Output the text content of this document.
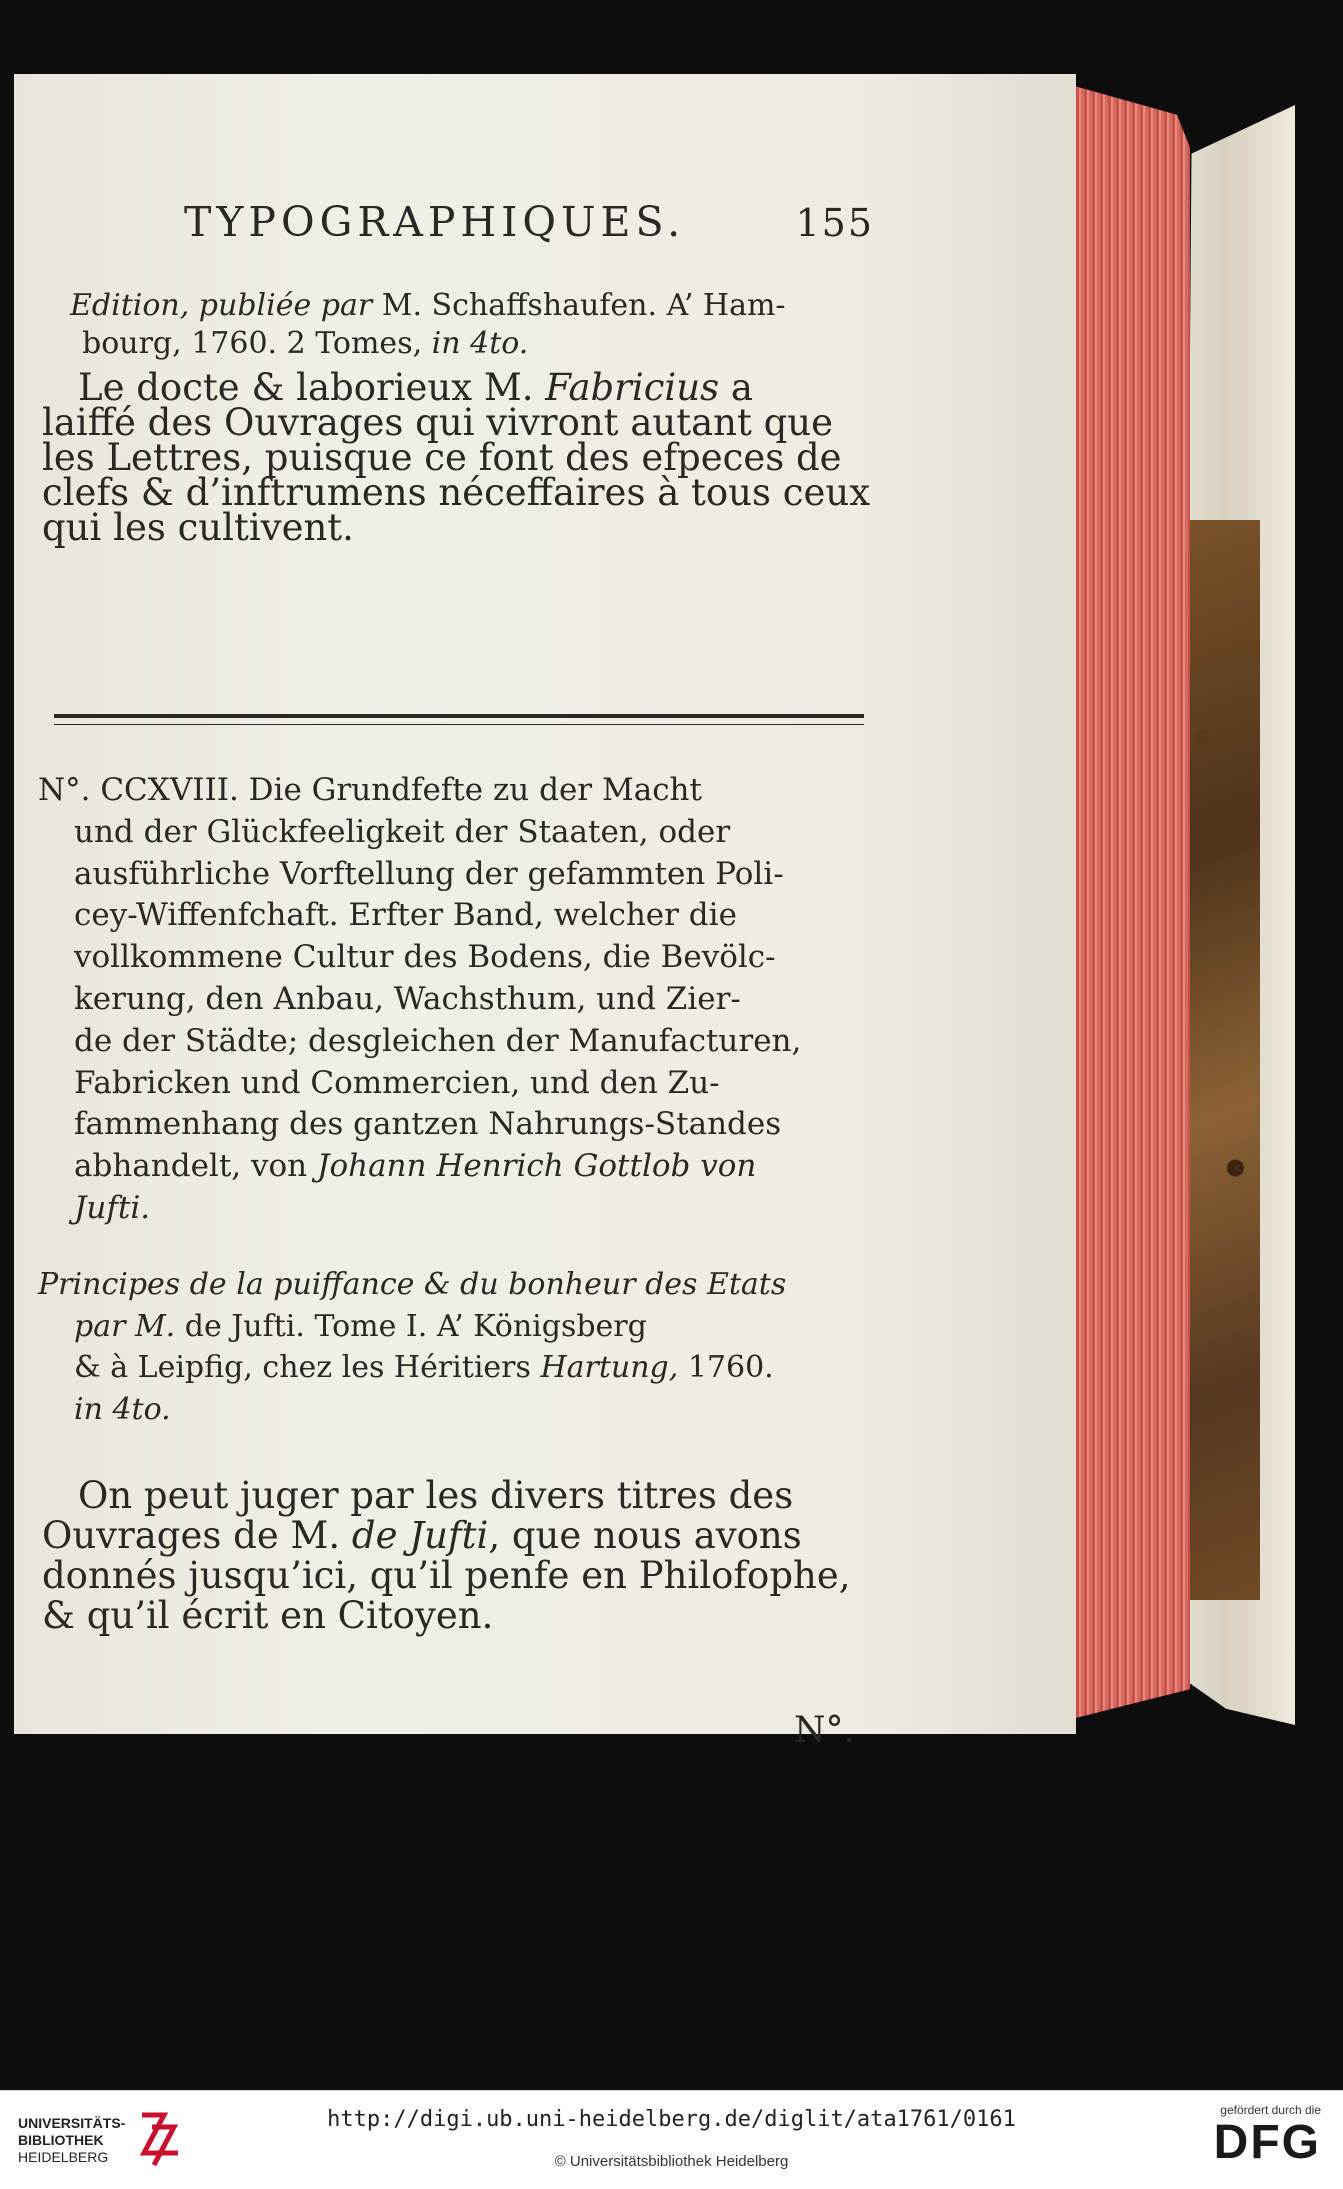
TYPOGRAPHIQUES.	155

Edition, publiée par M. Schaffshaufen. A’ Ham-

bourg, 1760. 2 Tomes, in 4to.

Le docte & laborieux M. Fabricius a
laiffé des Ouvrages qui vivront autant que
les Lettres, puisque ce font des efpeces de
clefs & d’inftrumens néceffaires à tous ceux
qui les cultivent.
N°. CCXVIII. Die Grundfefte zu der Macht
und der Glückfeeligkeit der Staaten, oder
ausführliche Vorftellung der gefammten Poli-
cey-Wiffenfchaft. Erfter Band, welcher die
vollkommene Cultur des Bodens, die Bevölc-
kerung, den Anbau, Wachsthum, und Zier-
de der Städte; desgleichen der Manufacturen,
Fabricken und Commercien, und den Zu-
fammenhang des gantzen Nahrungs-Standes
abhandelt, von Johann Henrich Gottlob von
Jufti.
Principes de la puiffance & du bonheur des Etats
par M. de Jufti. Tome I. A’ Königsberg
& à Leipfig, chez les Héritiers Hartung, 1760.
in 4to.
On peut juger par les divers titres des
Ouvrages de M. de Jufti, que nous avons
donnés jusqu’ici, qu’il penfe en Philofophe,
& qu’il écrit en Citoyen.
N°.
UNIVERSITÄTS-
BIBLIOTHEK
HEIDELBERG
http://digi.ub.uni-heidelberg.de/diglit/ata1761/0161
© Universitätsbibliothek Heidelberg
gefördert durch die
DFG
